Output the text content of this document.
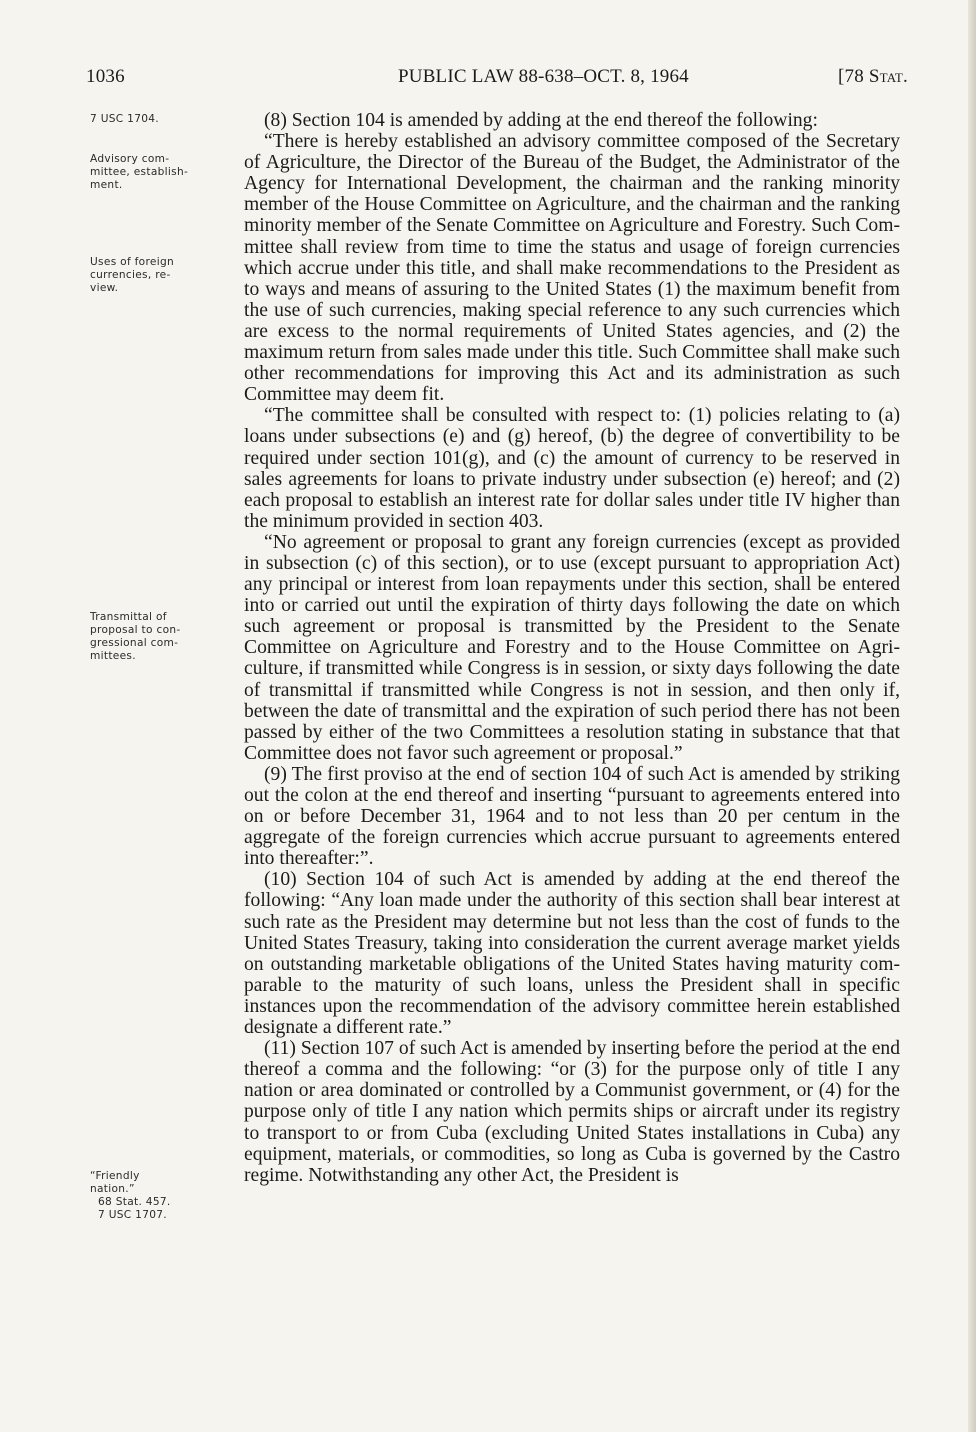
1036	PUBLIC LAW 88-638–OCT. 8, 1964	[78 Stat.
7 USC 1704.
Advisory com-
mittee, establish-
ment.
Uses of foreign
currencies, re-
view.
Transmittal of
proposal to con-
gressional com-
mittees.
“Friendly
nation.”
68 Stat. 457.
7 USC 1707.

(8) Section 104 is amended by adding at the end thereof the following:

“There is hereby established an advisory committee composed of the Secretary of Agriculture, the Director of the Bureau of the Budget, the Administrator of the Agency for International Development, the chairman and the ranking minority member of the House Committee on Agriculture, and the chairman and the ranking minority member of the Senate Committee on Agriculture and Forestry. Such Committee shall review from time to time the status and usage of foreign currencies which accrue under this title, and shall make recommendations to the President as to ways and means of assuring to the United States (1) the maximum benefit from the use of such currencies, making special reference to any such currencies which are excess to the normal requirements of United States agencies, and (2) the maximum return from sales made under this title. Such Committee shall make such other recommendations for improving this Act and its administration as such Committee may deem fit.

“The committee shall be consulted with respect to: (1) policies relating to (a) loans under subsections (e) and (g) hereof, (b) the degree of convertibility to be required under section 101(g), and (c) the amount of currency to be reserved in sales agreements for loans to private industry under subsection (e) hereof; and (2) each proposal to establish an interest rate for dollar sales under title IV higher than the minimum provided in section 403.

“No agreement or proposal to grant any foreign currencies (except as provided in subsection (c) of this section), or to use (except pursuant to appropriation Act) any principal or interest from loan repayments under this section, shall be entered into or carried out until the expiration of thirty days following the date on which such agreement or proposal is transmitted by the President to the Senate Committee on Agriculture and Forestry and to the House Committee on Agriculture, if transmitted while Congress is in session, or sixty days following the date of transmittal if transmitted while Congress is not in session, and then only if, between the date of transmittal and the expiration of such period there has not been passed by either of the two Committees a resolution stating in substance that that Committee does not favor such agreement or proposal.”

(9) The first proviso at the end of section 104 of such Act is amended by striking out the colon at the end thereof and inserting “pursuant to agreements entered into on or before December 31, 1964 and to not less than 20 per centum in the aggregate of the foreign currencies which accrue pursuant to agreements entered into thereafter:”.

(10) Section 104 of such Act is amended by adding at the end thereof the following: “Any loan made under the authority of this section shall bear interest at such rate as the President may determine but not less than the cost of funds to the United States Treasury, taking into consideration the current average market yields on outstanding marketable obligations of the United States having maturity comparable to the maturity of such loans, unless the President shall in specific instances upon the recommendation of the advisory committee herein established designate a different rate.”

(11) Section 107 of such Act is amended by inserting before the period at the end thereof a comma and the following: “or (3) for the purpose only of title I any nation or area dominated or controlled by a Communist government, or (4) for the purpose only of title I any nation which permits ships or aircraft under its registry to transport to or from Cuba (excluding United States installations in Cuba) any equipment, materials, or commodities, so long as Cuba is governed by the Castro regime. Notwithstanding any other Act, the President is
